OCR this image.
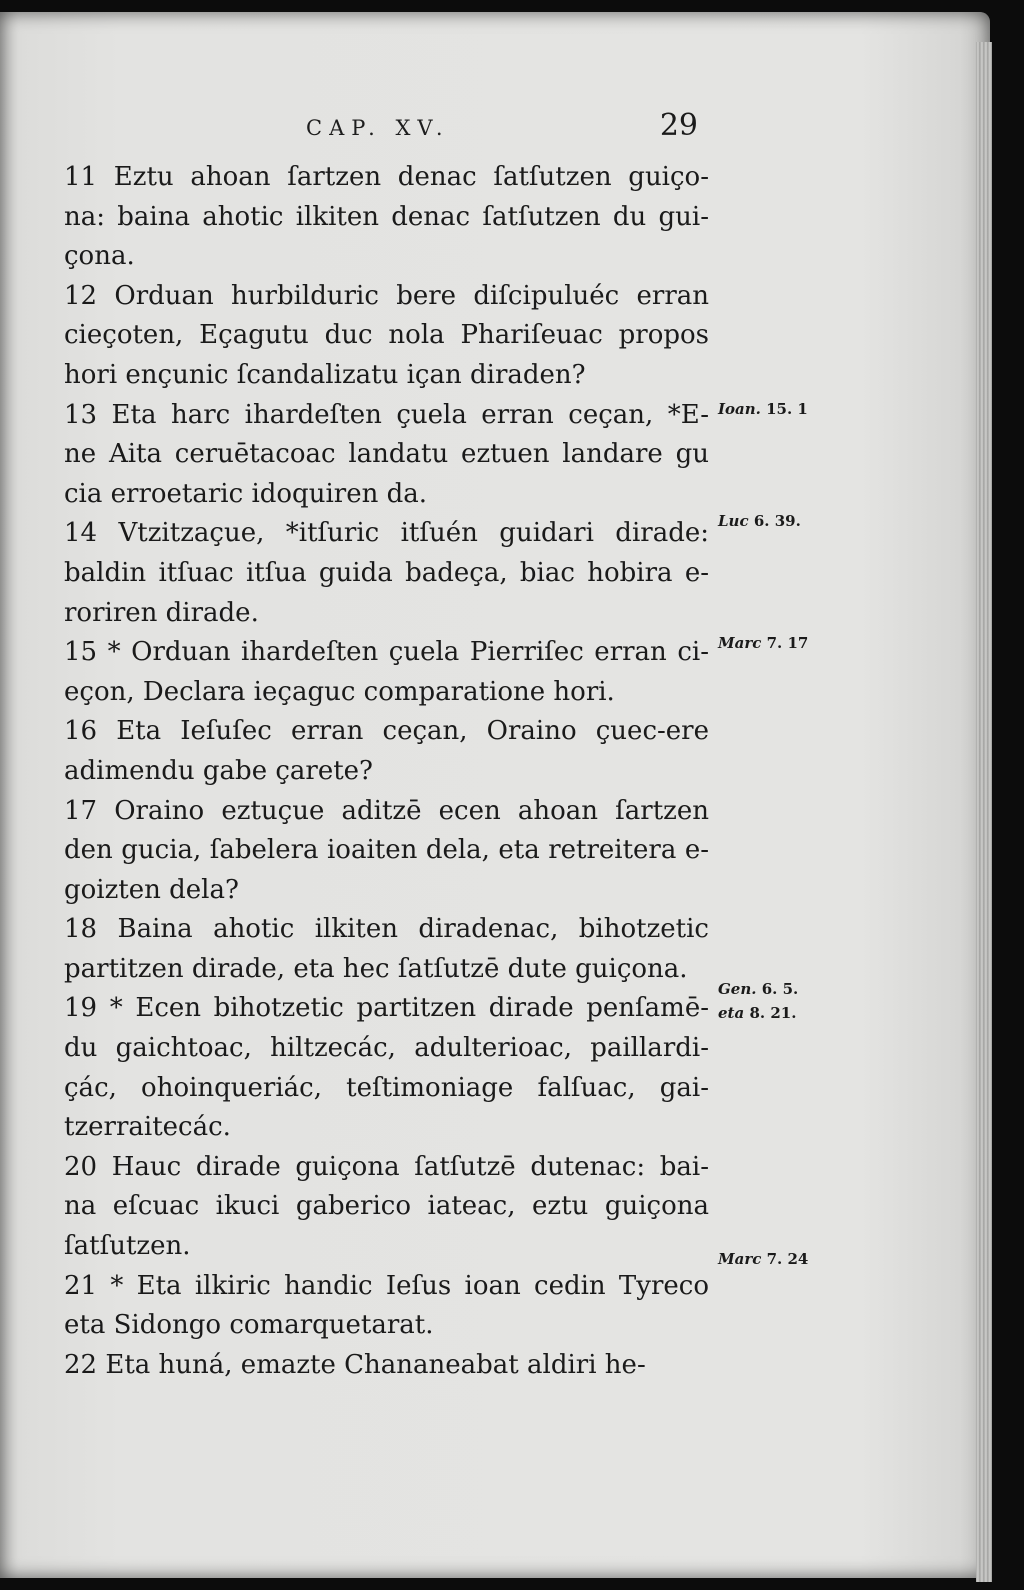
CAP. XV.	29
11 Eztu ahoan ſartzen denac ſatſutzen guiço-
na: baina ahotic ilkiten denac ſatſutzen du gui-
çona.
12 Orduan hurbilduric bere diſcipuluéc erran
cieçoten, Eçagutu duc nola Phariſeuac propos
hori ençunic ſcandalizatu içan diraden?
13 Eta harc ihardeſten çuela erran ceçan, *E-
ne Aita ceruētacoac landatu eztuen landare gu
cia erroetaric idoquiren da.
14 Vtzitzaçue, *itſuric itſuén guidari dirade:
baldin itſuac itſua guida badeça, biac hobira e-
roriren dirade.
15 * Orduan ihardeſten çuela Pierriſec erran ci-
eçon, Declara ieçaguc comparatione hori.
16 Eta Ieſuſec erran ceçan, Oraino çuec-ere
adimendu gabe çarete?
17 Oraino eztuçue aditzē ecen ahoan ſartzen
den gucia, ſabelera ioaiten dela, eta retreitera e-
goizten dela?
18 Baina ahotic ilkiten diradenac, bihotzetic
partitzen dirade, eta hec ſatſutzē dute guiçona.
19 * Ecen bihotzetic partitzen dirade penſamē-
du gaichtoac, hiltzecác, adulterioac, paillardi-
çác, ohoinqueriác, teſtimoniage falſuac, gai-
tzerraitecác.
20 Hauc dirade guiçona ſatſutzē dutenac: bai-
na eſcuac ikuci gaberico iateac, eztu guiçona
ſatſutzen.
21 * Eta ilkiric handic Ieſus ioan cedin Tyreco
eta Sidongo comarquetarat.
22 Eta huná, emazte Chananeabat aldiri he-
Ioan. 15. 1
Luc 6. 39.
Marc 7. 17
Gen. 6. 5.
eta 8. 21.
Marc 7. 24
